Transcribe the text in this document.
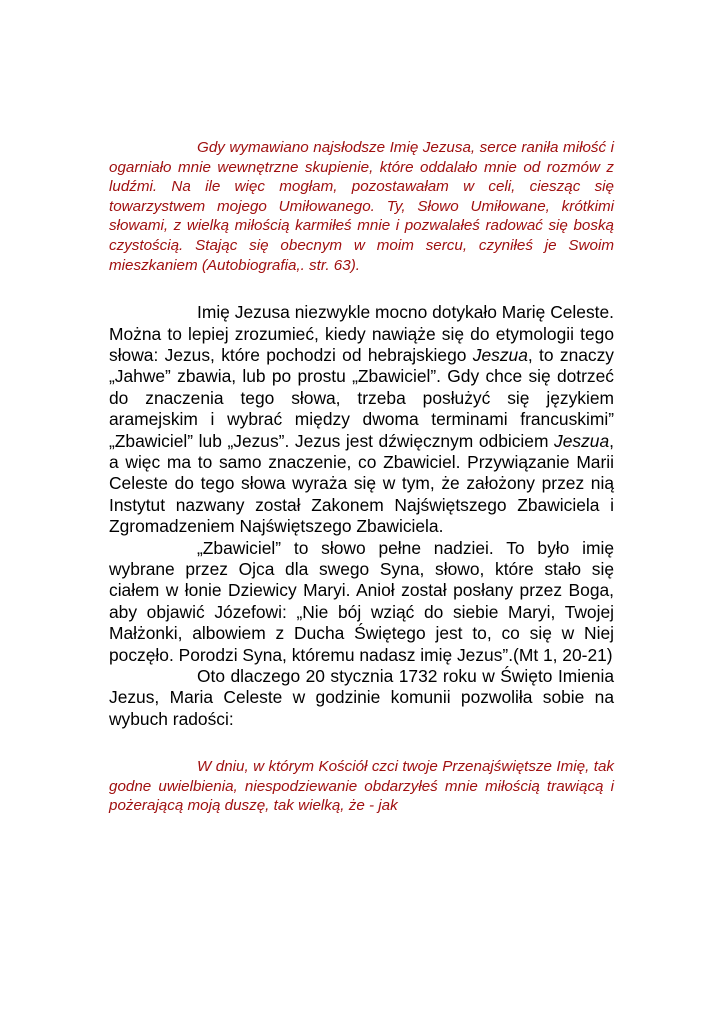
Gdy wymawiano najsłodsze Imię Jezusa, serce raniła miłość i ogarniało mnie wewnętrzne skupienie, które oddalało mnie od rozmów z ludźmi. Na ile więc mogłam, pozostawałam w celi, ciesząc się towarzystwem mojego Umiłowanego. Ty, Słowo Umiłowane, krótkimi słowami, z wielką miłością karmiłeś mnie i pozwalałeś radować się boską czystością. Stając się obecnym w moim sercu, czyniłeś je Swoim mieszkaniem (Autobiografia,. str. 63).

Imię Jezusa niezwykle mocno dotykało Marię Celeste. Można to lepiej zrozumieć, kiedy nawiąże się do etymologii tego słowa: Jezus, które pochodzi od hebrajskiego Jeszua, to znaczy „Jahwe” zbawia, lub po prostu „Zbawiciel”. Gdy chce się dotrzeć do znaczenia tego słowa, trzeba posłużyć się językiem aramejskim i wybrać między dwoma terminami francuskimi” „Zbawiciel” lub „Jezus”. Jezus jest dźwięcznym odbiciem Jeszua, a więc ma to samo znaczenie, co Zbawiciel. Przywiązanie Marii Celeste do tego słowa wyraża się w tym, że założony przez nią Instytut nazwany został Zakonem Najświętszego Zbawiciela i Zgromadzeniem Najświętszego Zbawiciela.

„Zbawiciel” to słowo pełne nadziei. To było imię wybrane przez Ojca dla swego Syna, słowo, które stało się ciałem w łonie Dziewicy Maryi. Anioł został posłany przez Boga, aby objawić Józefowi: „Nie bój wziąć do siebie Maryi, Twojej Małżonki, albowiem z Ducha Świętego jest to, co się w Niej poczęło. Porodzi Syna, któremu nadasz imię Jezus”.(Mt 1, 20-21)

Oto dlaczego 20 stycznia 1732 roku w Święto Imienia Jezus, Maria Celeste w godzinie komunii pozwoliła sobie na wybuch radości:

W dniu, w którym Kościół czci twoje Przenajświętsze Imię, tak godne uwielbienia, niespodziewanie obdarzyłeś mnie miłością trawiącą i pożerającą moją duszę, tak wielką, że - jak
